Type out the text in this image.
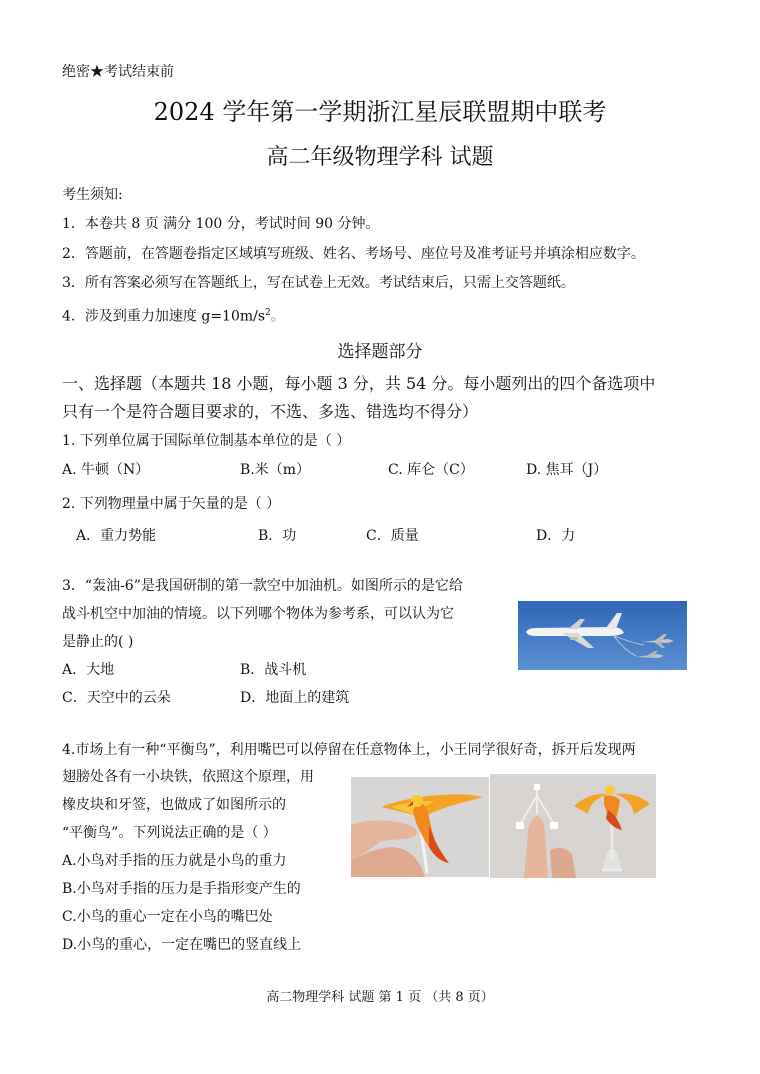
绝密★考试结束前
2024 学年第一学期浙江星辰联盟期中联考
高二年级物理学科 试题
考生须知:
1．本卷共 8 页 满分 100 分，考试时间 90 分钟。
2．答题前，在答题卷指定区域填写班级、姓名、考场号、座位号及准考证号并填涂相应数字。
3．所有答案必须写在答题纸上，写在试卷上无效。考试结束后，只需上交答题纸。
4．涉及到重力加速度 $g=10m/s^2$。
选择题部分
一、选择题（本题共 18 小题，每小题 3 分，共 54 分。每小题列出的四个备选项中
只有一个是符合题目要求的，不选、多选、错选均不得分）
1. 下列单位属于国际单位制基本单位的是（ ）
A. 牛顿（N）	B.米（m）	C. 库仑（C）	D. 焦耳（J）
2. 下列物理量中属于矢量的是（ ）
A．重力势能	B．功	C．质量	D．力
3．“轰油-6”是我国研制的第一款空中加油机。如图所示的是它给
战斗机空中加油的情境。以下列哪个物体为参考系，可以认为它
是静止的( )
A．大地	B．战斗机
C．天空中的云朵	D．地面上的建筑
4.市场上有一种“平衡鸟”，利用嘴巴可以停留在任意物体上，小王同学很好奇，拆开后发现两
翅膀处各有一小块铁，依照这个原理，用
橡皮块和牙签，也做成了如图所示的
“平衡鸟”。下列说法正确的是（ ）
A.小鸟对手指的压力就是小鸟的重力
B.小鸟对手指的压力是手指形变产生的
C.小鸟的重心一定在小鸟的嘴巴处
D.小鸟的重心，一定在嘴巴的竖直线上
高二物理学科 试题 第 1 页 （共 8 页）
